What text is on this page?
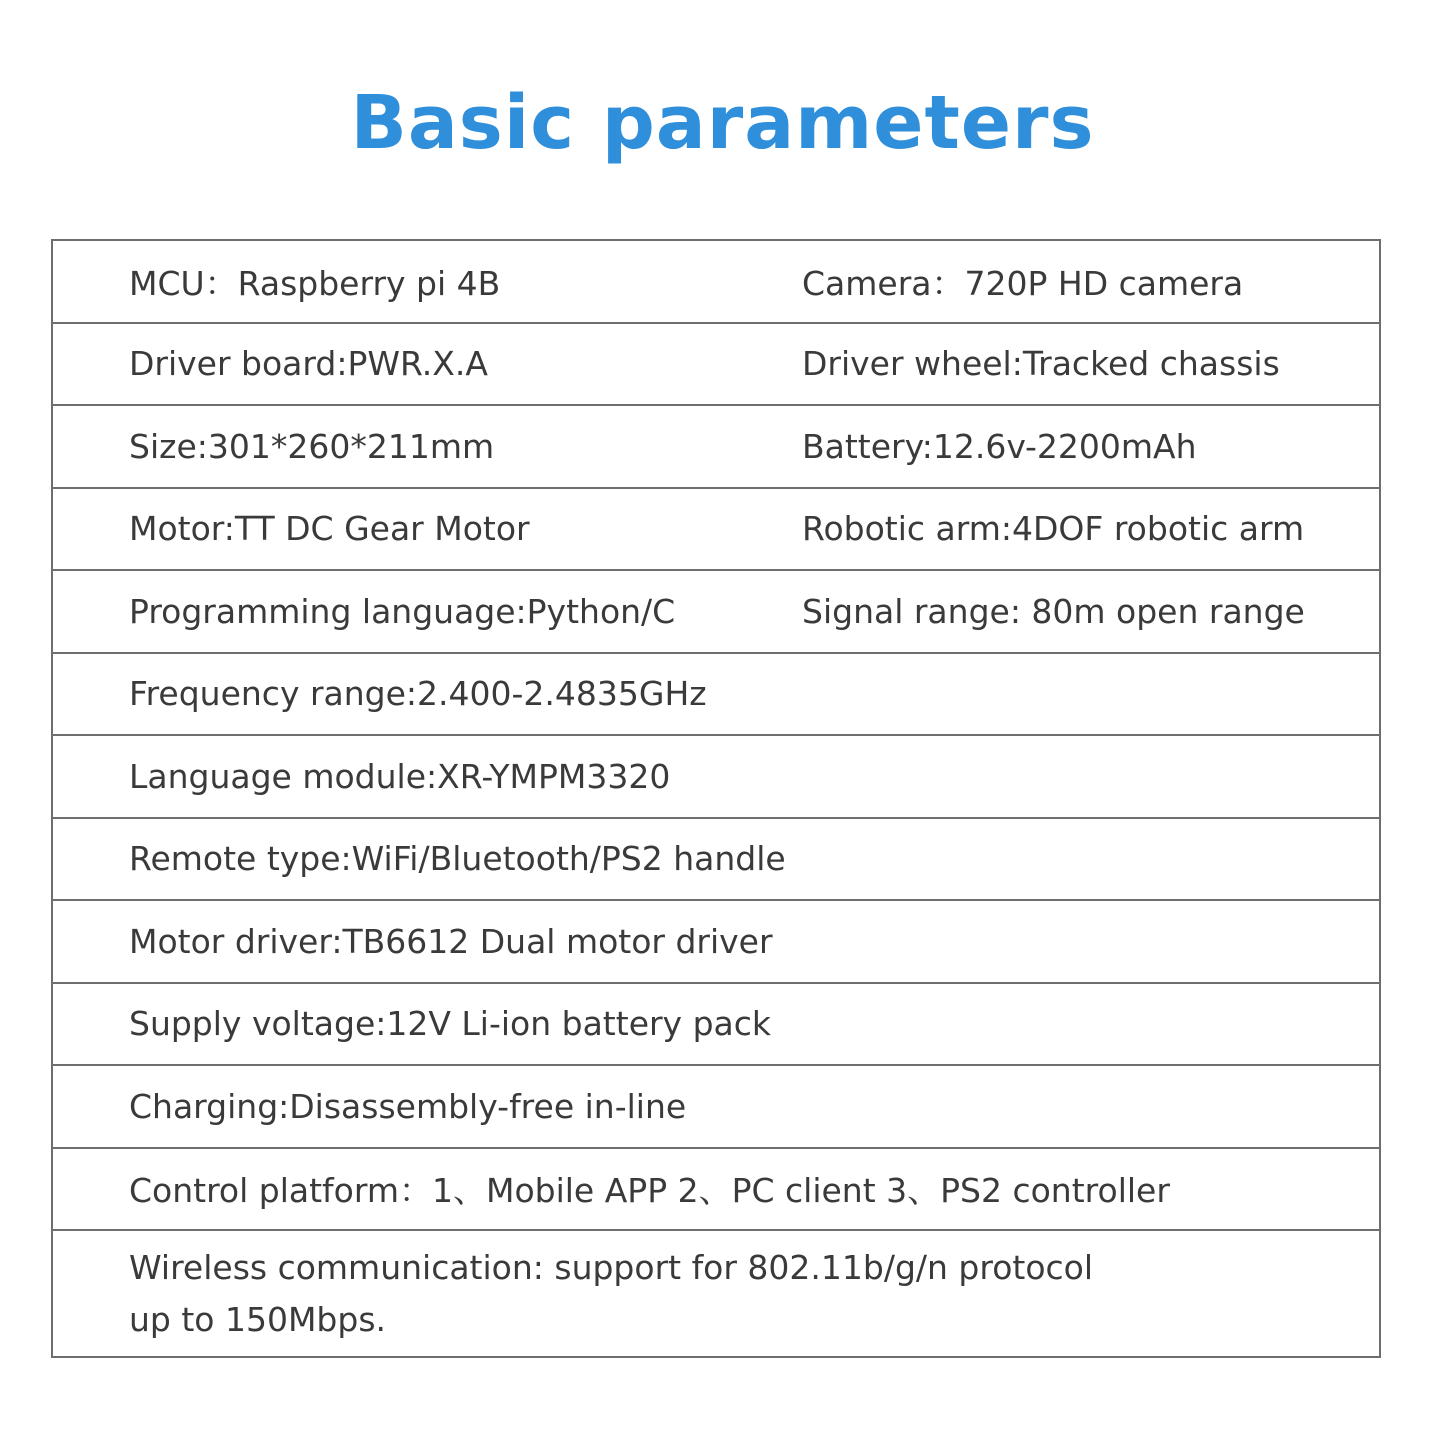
Basic parameters
MCU：Raspberry pi 4B	Camera：720P HD camera
Driver board:PWR.X.A	Driver wheel:Tracked chassis
Size:301*260*211mm	Battery:12.6v-2200mAh
Motor:TT DC Gear Motor	Robotic arm:4DOF robotic arm
Programming language:Python/C	Signal range: 80m open range
Frequency range:2.400-2.4835GHz
Language module:XR-YMPM3320
Remote type:WiFi/Bluetooth/PS2 handle
Motor driver:TB6612 Dual motor driver
Supply voltage:12V Li-ion battery pack
Charging:Disassembly-free in-line
Control platform：1、Mobile APP 2、PC client 3、PS2 controller
Wireless communication: support for 802.11b/g/n protocol
up to 150Mbps.
